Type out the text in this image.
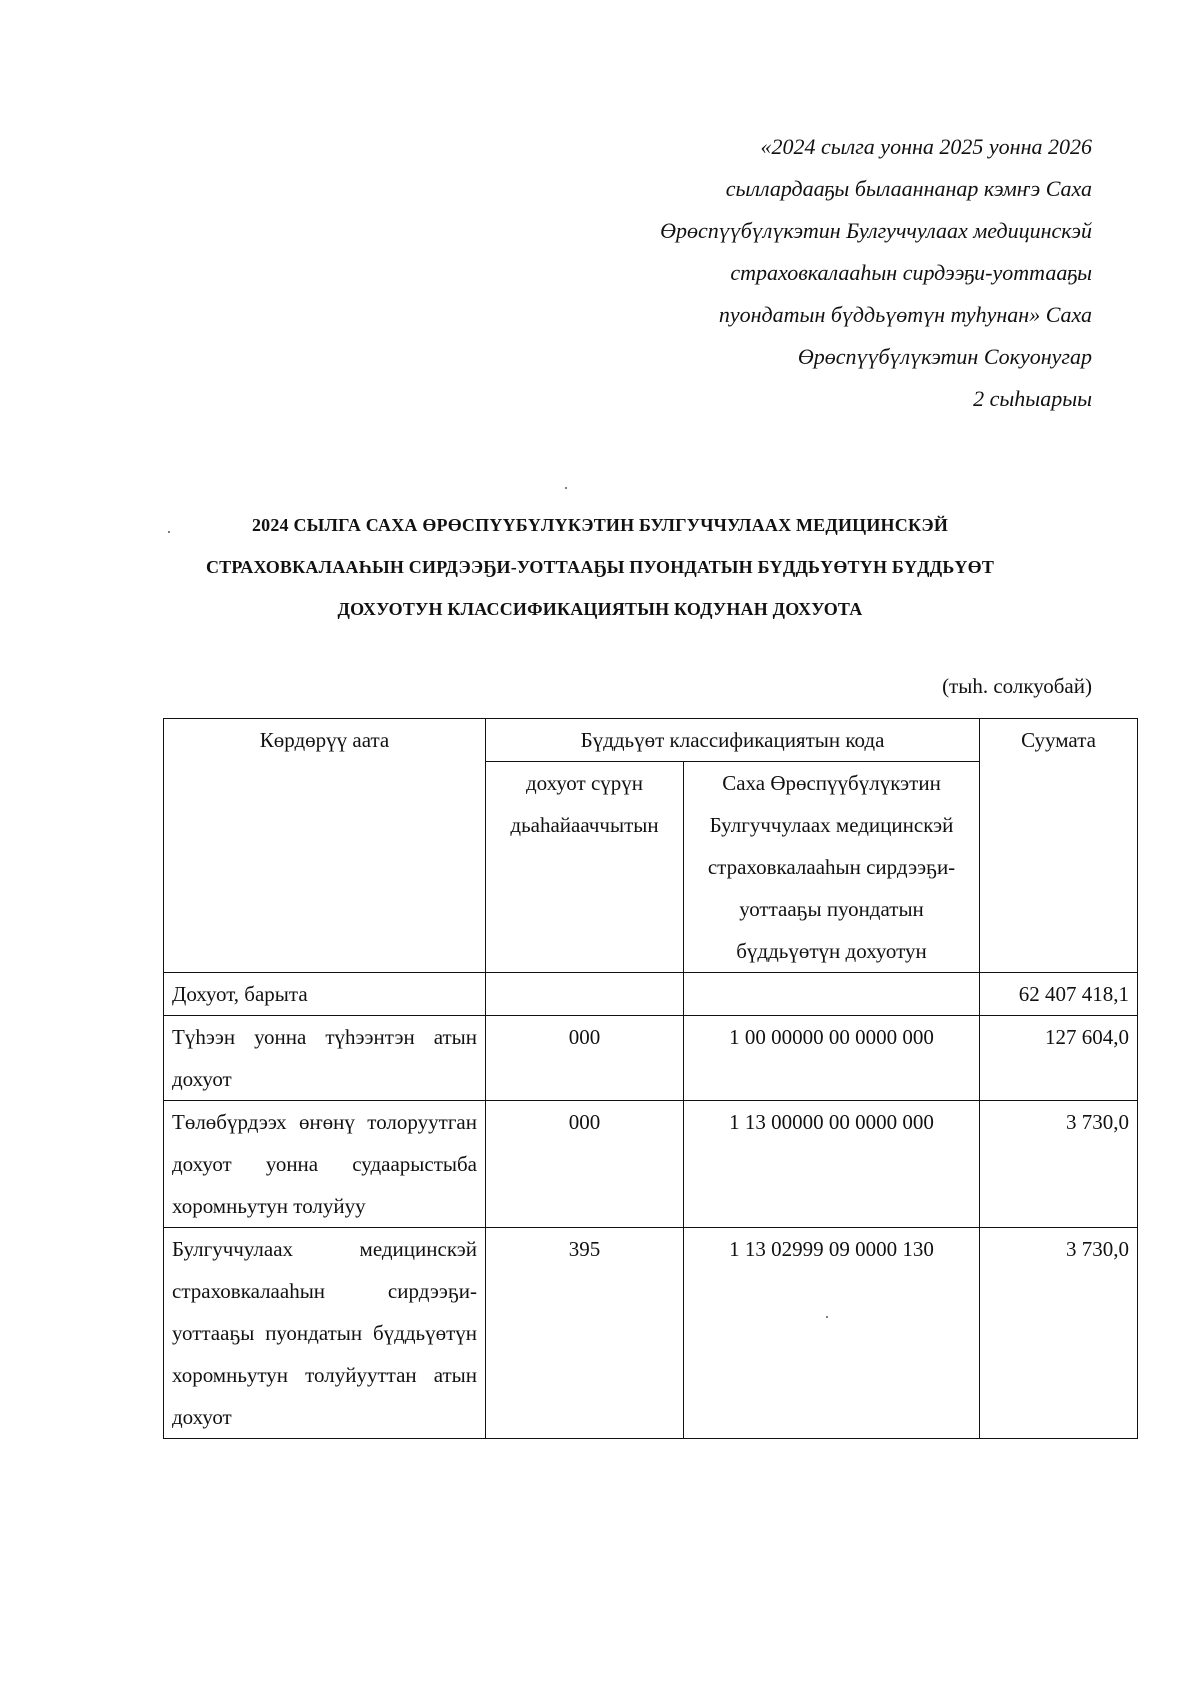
«2024 сылга уонна 2025 уонна 2026
сыллардааҕы былааннанар кэмҥэ Саха
Өрөспүүбүлүкэтин Булгуччулаах медицинскэй
страховкалааһын сирдээҕи-уоттааҕы
пуондатын бүддьүөтүн туһунан» Саха
Өрөспүүбүлүкэтин Сокуонугар
2 сыһыарыы
2024 СЫЛГА САХА ӨРӨСПҮҮБҮЛҮКЭТИН БУЛГУЧЧУЛААХ МЕДИЦИНСКЭЙ
СТРАХОВКАЛААҺЫН СИРДЭЭҔИ-УОТТААҔЫ ПУОНДАТЫН БҮДДЬҮӨТҮН БҮДДЬҮӨТ
ДОХУОТУН КЛАССИФИКАЦИЯТЫН КОДУНАН ДОХУОТА
(тыһ. солкуобай)
Көрдөрүү аата	Бүддьүөт классификациятын кода		Суумата
	дохуот сүрүн дьаһайааччытын	Саха Өрөспүүбүлүкэтин Булгуччулаах медицинскэй страховкалааһын сирдээҕи-уоттааҕы пуондатын бүддьүөтүн дохуотун	
Дохуот, барыта			62 407 418,1
Түһээн уонна түһээнтэн атын дохуот	000	1 00 00000 00 0000 000	127 604,0
Төлөбүрдээх өҥөнү толоруутган дохуот уонна судаарыстыба хоромньутун толуйуу	000	1 13 00000 00 0000 000	3 730,0
Булгуччулаах медицинскэй страховкалааһын сирдээҕи-уоттааҕы пуондатын бүддьүөтүн хоромньутун толуйууттан атын дохуот	395	1 13 02999 09 0000 130	3 730,0
